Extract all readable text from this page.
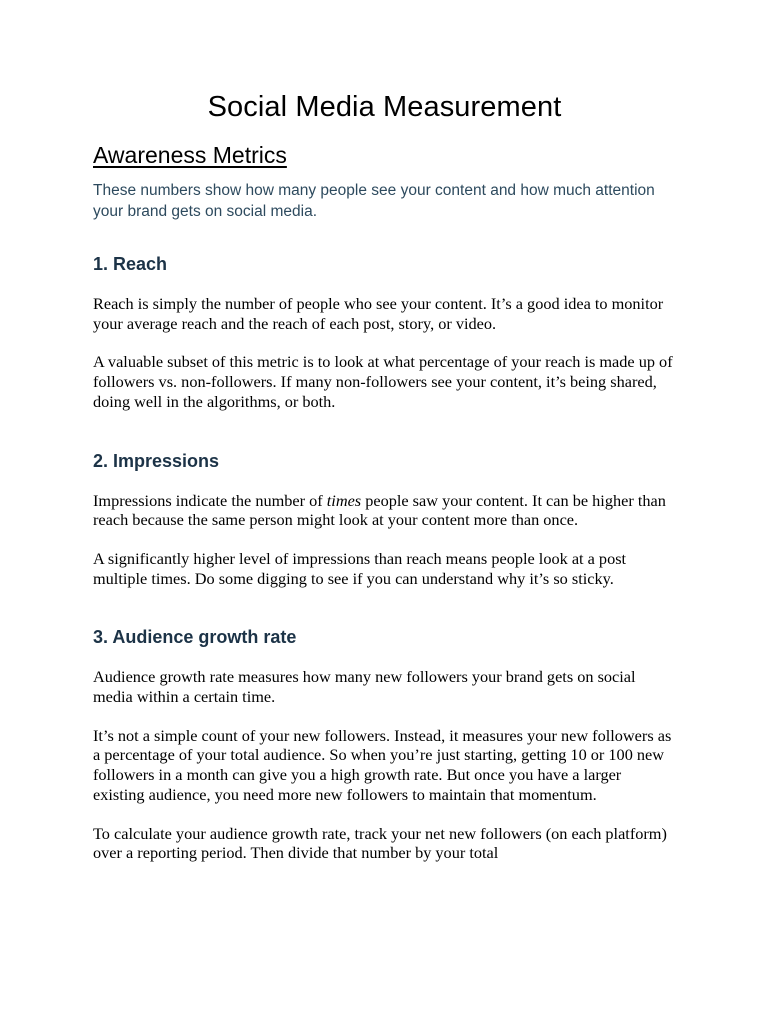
Social Media Measurement
Awareness Metrics

These numbers show how many people see your content and how much attention your brand gets on social media.

1. Reach

Reach is simply the number of people who see your content. It’s a good idea to monitor your average reach and the reach of each post, story, or video.

A valuable subset of this metric is to look at what percentage of your reach is made up of followers vs. non-followers. If many non-followers see your content, it’s being shared, doing well in the algorithms, or both.

2. Impressions

Impressions indicate the number of times people saw your content. It can be higher than reach because the same person might look at your content more than once.

A significantly higher level of impressions than reach means people look at a post multiple times. Do some digging to see if you can understand why it’s so sticky.

3. Audience growth rate

Audience growth rate measures how many new followers your brand gets on social media within a certain time.

It’s not a simple count of your new followers. Instead, it measures your new followers as a percentage of your total audience. So when you’re just starting, getting 10 or 100 new followers in a month can give you a high growth rate. But once you have a larger existing audience, you need more new followers to maintain that momentum.

To calculate your audience growth rate, track your net new followers (on each platform) over a reporting period. Then divide that number by your total
